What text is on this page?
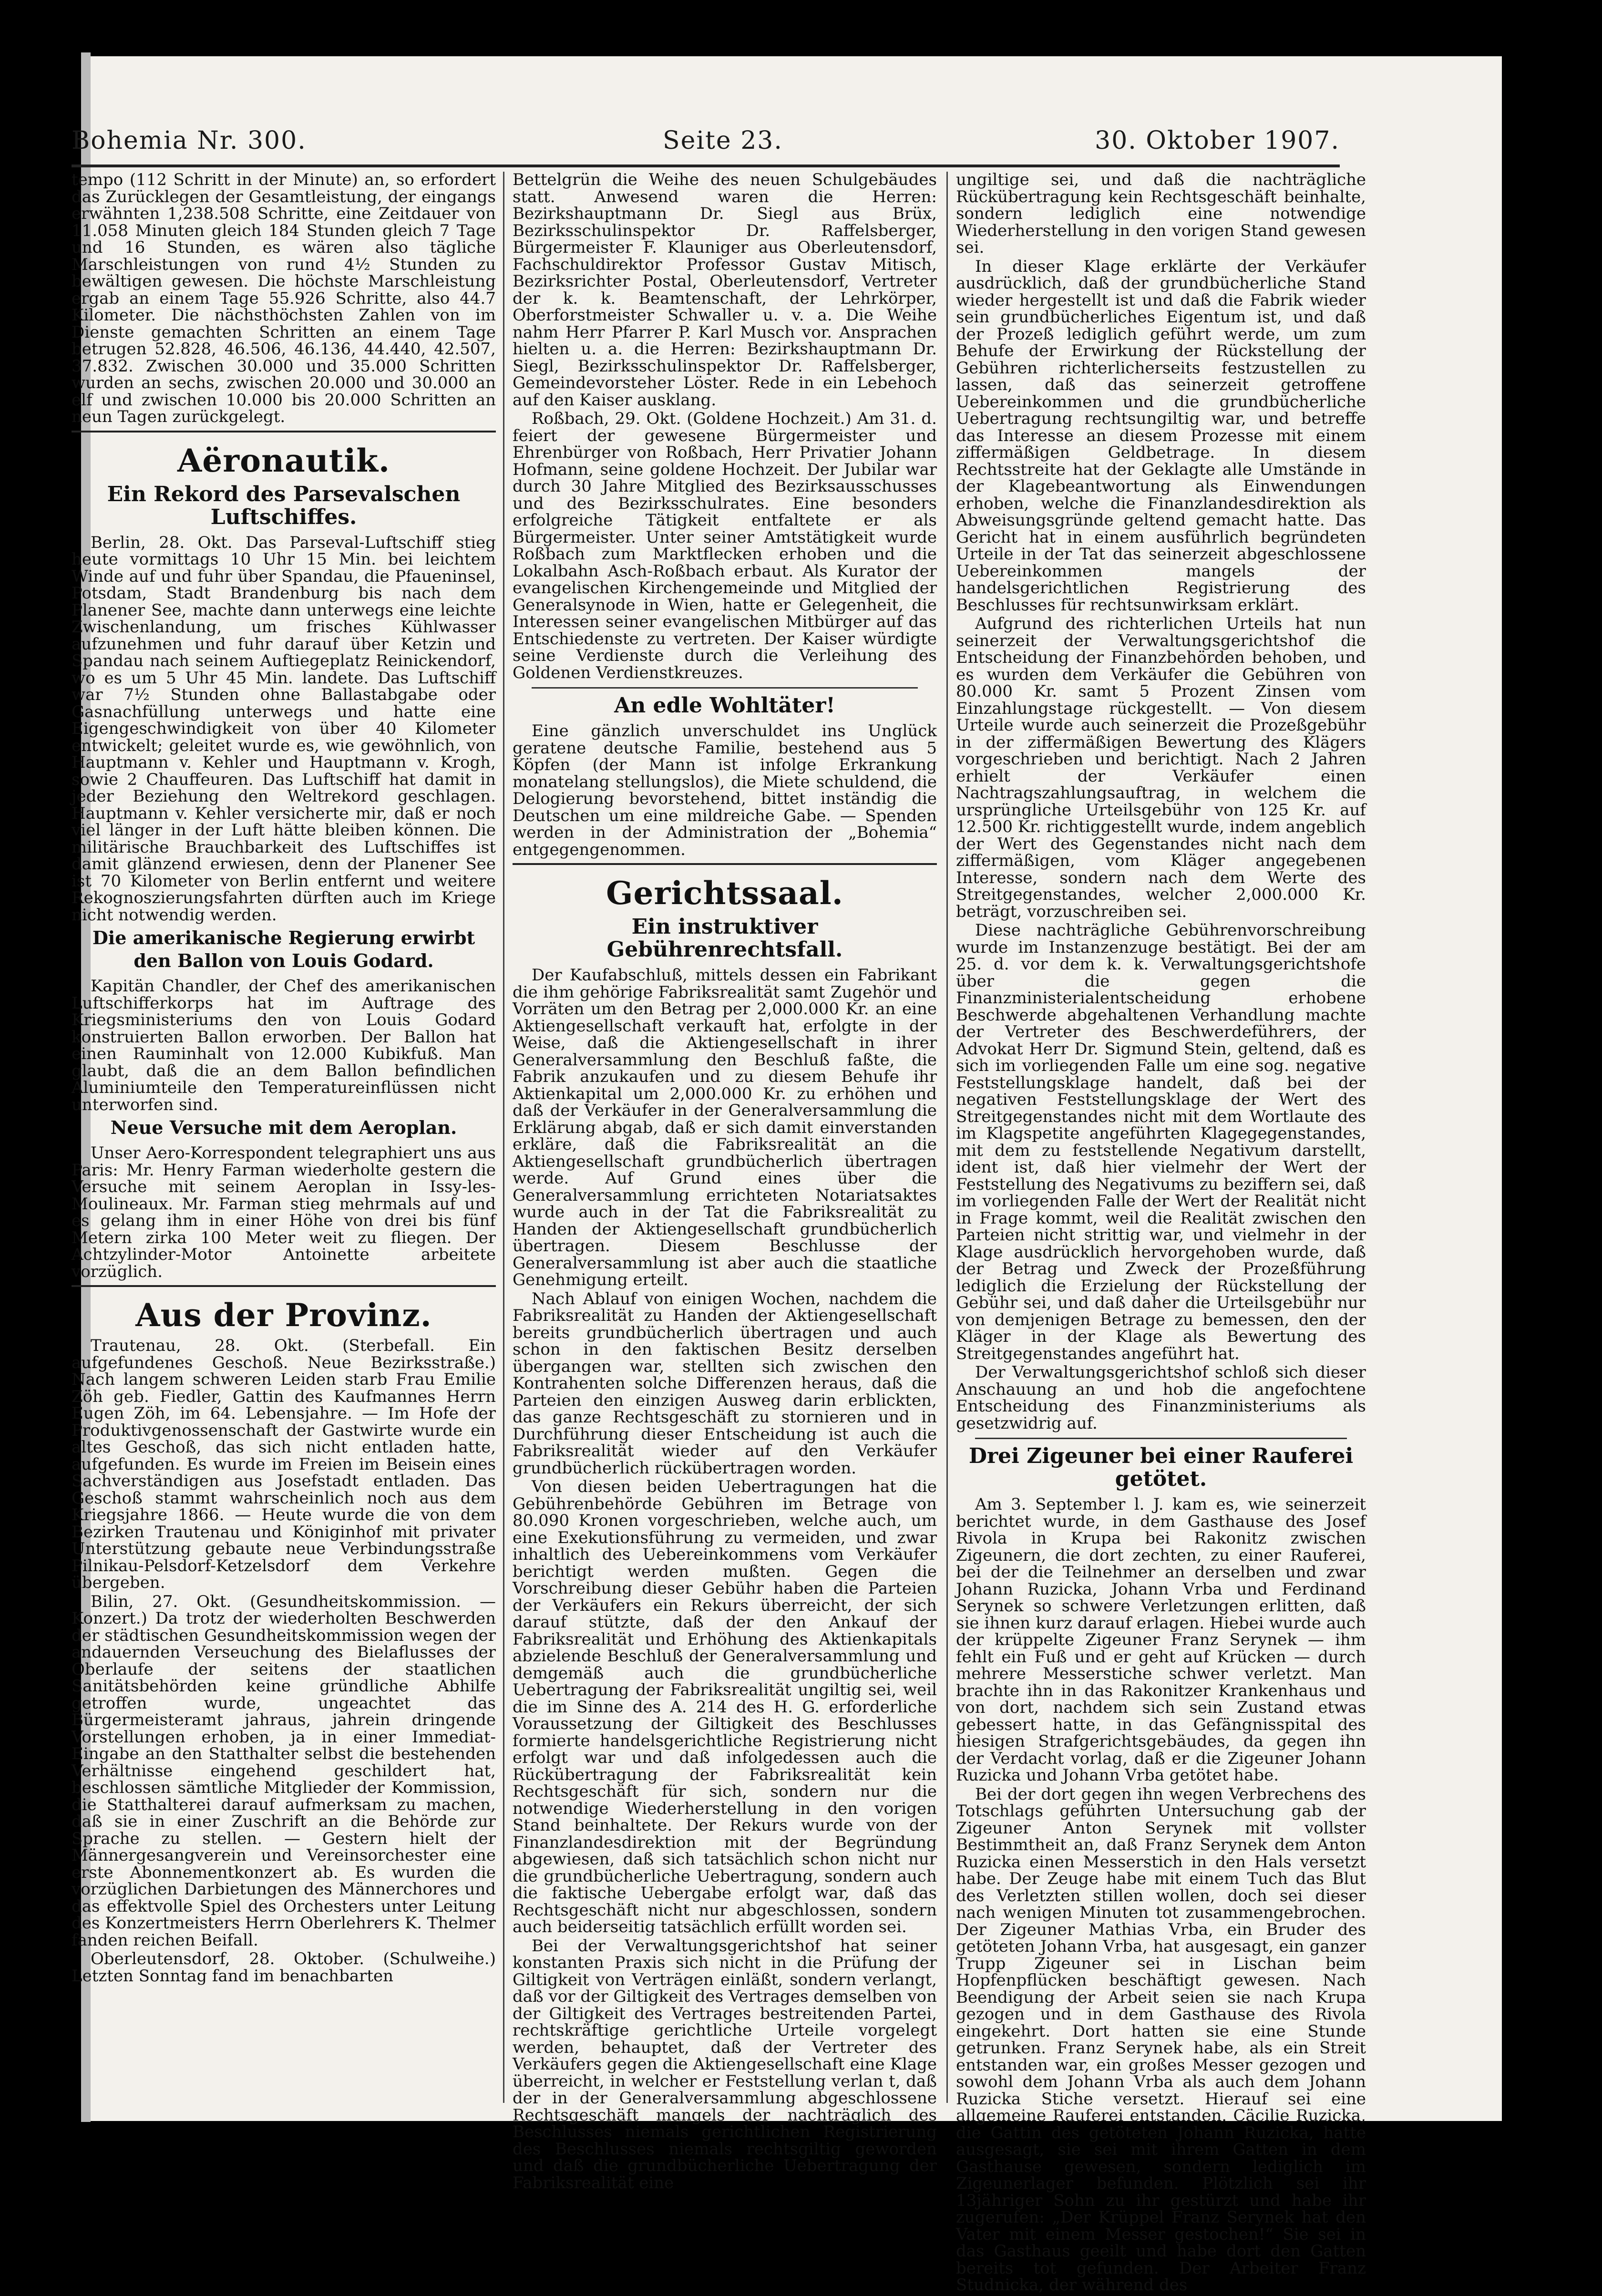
Bohemia Nr. 300.	Seite 23.	30. Oktober 1907.

tempo (112 Schritt in der Minute) an, so erfordert das Zurücklegen der Gesamtleistung, der eingangs erwähnten 1,238.508 Schritte, eine Zeitdauer von 11.058 Minuten gleich 184 Stunden gleich 7 Tage und 16 Stunden, es wären also tägliche Marschleistungen von rund 4½ Stunden zu bewältigen gewesen. Die höchste Marschleistung ergab an einem Tage 55.926 Schritte, also 44.7 Kilometer. Die nächsthöchsten Zahlen von im Dienste gemachten Schritten an einem Tage betrugen 52.828, 46.506, 46.136, 44.440, 42.507, 37.832. Zwischen 30.000 und 35.000 Schritten wurden an sechs, zwischen 20.000 und 30.000 an elf und zwischen 10.000 bis 20.000 Schritten an neun Tagen zurückgelegt.

Aëronautik.
Ein Rekord des Parsevalschen Luftschiffes.

Berlin, 28. Okt. Das Parseval-Luftschiff stieg heute vormittags 10 Uhr 15 Min. bei leichtem Winde auf und fuhr über Spandau, die Pfaueninsel, Potsdam, Stadt Brandenburg bis nach dem Planener See, machte dann unterwegs eine leichte Zwischenlandung, um frisches Kühlwasser aufzunehmen und fuhr darauf über Ketzin und Spandau nach seinem Auftiegeplatz Reinickendorf, wo es um 5 Uhr 45 Min. landete. Das Luftschiff war 7½ Stunden ohne Ballastabgabe oder Gasnachfüllung unterwegs und hatte eine Eigengeschwindigkeit von über 40 Kilometer entwickelt; geleitet wurde es, wie gewöhnlich, von Hauptmann v. Kehler und Hauptmann v. Krogh, sowie 2 Chauffeuren. Das Luftschiff hat damit in jeder Beziehung den Weltrekord geschlagen. Hauptmann v. Kehler versicherte mir, daß er noch viel länger in der Luft hätte bleiben können. Die militärische Brauchbarkeit des Luftschiffes ist damit glänzend erwiesen, denn der Planener See ist 70 Kilometer von Berlin entfernt und weitere Rekognoszierungsfahrten dürften auch im Kriege nicht notwendig werden.

Die amerikanische Regierung erwirbt den Ballon von Louis Godard.

Kapitän Chandler, der Chef des amerikanischen Luftschifferkorps hat im Auftrage des Kriegsministeriums den von Louis Godard konstruierten Ballon erworben. Der Ballon hat einen Rauminhalt von 12.000 Kubikfuß. Man glaubt, daß die an dem Ballon befindlichen Aluminiumteile den Temperatureinflüssen nicht unterworfen sind.

Neue Versuche mit dem Aeroplan.

Unser Aero-Korrespondent telegraphiert uns aus Paris: Mr. Henry Farman wiederholte gestern die Versuche mit seinem Aeroplan in Issy-les-Moulineaux. Mr. Farman stieg mehrmals auf und es gelang ihm in einer Höhe von drei bis fünf Metern zirka 100 Meter weit zu fliegen. Der Achtzylinder-Motor Antoinette arbeitete vorzüglich.

Aus der Provinz.

Trautenau, 28. Okt. (Sterbefall. Ein aufgefundenes Geschoß. Neue Bezirksstraße.) Nach langem schweren Leiden starb Frau Emilie Zöh geb. Fiedler, Gattin des Kaufmannes Herrn Eugen Zöh, im 64. Lebensjahre. — Im Hofe der Produktivgenossenschaft der Gastwirte wurde ein altes Geschoß, das sich nicht entladen hatte, aufgefunden. Es wurde im Freien im Beisein eines Sachverständigen aus Josefstadt entladen. Das Geschoß stammt wahrscheinlich noch aus dem Kriegsjahre 1866. — Heute wurde die von dem Bezirken Trautenau und Königinhof mit privater Unterstützung gebaute neue Verbindungsstraße Pilnikau-Pelsdorf-Ketzelsdorf dem Verkehre übergeben.

Bilin, 27. Okt. (Gesundheitskommission. — Konzert.) Da trotz der wiederholten Beschwerden der städtischen Gesundheitskommission wegen der andauernden Verseuchung des Bielaflusses der Oberlaufe der seitens der staatlichen Sanitätsbehörden keine gründliche Abhilfe getroffen wurde, ungeachtet das Bürgermeisteramt jahraus, jahrein dringende Vorstellungen erhoben, ja in einer Immediat-Eingabe an den Statthalter selbst die bestehenden Verhältnisse eingehend geschildert hat, beschlossen sämtliche Mitglieder der Kommission, die Statthalterei darauf aufmerksam zu machen, daß sie in einer Zuschrift an die Behörde zur Sprache zu stellen. — Gestern hielt der Männergesangverein und Vereinsorchester eine erste Abonnementkonzert ab. Es wurden die vorzüglichen Darbietungen des Männerchores und das effektvolle Spiel des Orchesters unter Leitung des Konzertmeisters Herrn Oberlehrers K. Thelmer fanden reichen Beifall.

Oberleutensdorf, 28. Oktober. (Schulweihe.) Letzten Sonntag fand im benachbarten

Bettelgrün die Weihe des neuen Schulgebäudes statt. Anwesend waren die Herren: Bezirkshauptmann Dr. Siegl aus Brüx, Bezirksschulinspektor Dr. Raffelsberger, Bürgermeister F. Klauniger aus Oberleutensdorf, Fachschuldirektor Professor Gustav Mitisch, Bezirksrichter Postal, Oberleutensdorf, Vertreter der k. k. Beamtenschaft, der Lehrkörper, Oberforstmeister Schwaller u. v. a. Die Weihe nahm Herr Pfarrer P. Karl Musch vor. Ansprachen hielten u. a. die Herren: Bezirkshauptmann Dr. Siegl, Bezirksschulinspektor Dr. Raffelsberger, Gemeindevorsteher Löster. Rede in ein Lebehoch auf den Kaiser ausklang.

Roßbach, 29. Okt. (Goldene Hochzeit.) Am 31. d. feiert der gewesene Bürgermeister und Ehrenbürger von Roßbach, Herr Privatier Johann Hofmann, seine goldene Hochzeit. Der Jubilar war durch 30 Jahre Mitglied des Bezirksausschusses und des Bezirksschulrates. Eine besonders erfolgreiche Tätigkeit entfaltete er als Bürgermeister. Unter seiner Amtstätigkeit wurde Roßbach zum Marktflecken erhoben und die Lokalbahn Asch-Roßbach erbaut. Als Kurator der evangelischen Kirchengemeinde und Mitglied der Generalsynode in Wien, hatte er Gelegenheit, die Interessen seiner evangelischen Mitbürger auf das Entschiedenste zu vertreten. Der Kaiser würdigte seine Verdienste durch die Verleihung des Goldenen Verdienstkreuzes.

An edle Wohltäter!

Eine gänzlich unverschuldet ins Unglück geratene deutsche Familie, bestehend aus 5 Köpfen (der Mann ist infolge Erkrankung monatelang stellungslos), die Miete schuldend, die Delogierung bevorstehend, bittet inständig die Deutschen um eine mildreiche Gabe. — Spenden werden in der Administration der „Bohemia“ entgegengenommen.

Gerichtssaal.
Ein instruktiver Gebührenrechtsfall.

Der Kaufabschluß, mittels dessen ein Fabrikant die ihm gehörige Fabriksrealität samt Zugehör und Vorräten um den Betrag per 2,000.000 Kr. an eine Aktiengesellschaft verkauft hat, erfolgte in der Weise, daß die Aktiengesellschaft in ihrer Generalversammlung den Beschluß faßte, die Fabrik anzukaufen und zu diesem Behufe ihr Aktienkapital um 2,000.000 Kr. zu erhöhen und daß der Verkäufer in der Generalversammlung die Erklärung abgab, daß er sich damit einverstanden erkläre, daß die Fabriksrealität an die Aktiengesellschaft grundbücherlich übertragen werde. Auf Grund eines über die Generalversammlung errichteten Notariatsaktes wurde auch in der Tat die Fabriksrealität zu Handen der Aktiengesellschaft grundbücherlich übertragen. Diesem Beschlusse der Generalversammlung ist aber auch die staatliche Genehmigung erteilt.

Nach Ablauf von einigen Wochen, nachdem die Fabriksrealität zu Handen der Aktiengesellschaft bereits grundbücherlich übertragen und auch schon in den faktischen Besitz derselben übergangen war, stellten sich zwischen den Kontrahenten solche Differenzen heraus, daß die Parteien den einzigen Ausweg darin erblickten, das ganze Rechtsgeschäft zu stornieren und in Durchführung dieser Entscheidung ist auch die Fabriksrealität wieder auf den Verkäufer grundbücherlich rückübertragen worden.

Von diesen beiden Uebertragungen hat die Gebührenbehörde Gebühren im Betrage von 80.090 Kronen vorgeschrieben, welche auch, um eine Exekutionsführung zu vermeiden, und zwar inhaltlich des Uebereinkommens vom Verkäufer berichtigt werden mußten. Gegen die Vorschreibung dieser Gebühr haben die Parteien der Verkäufers ein Rekurs überreicht, der sich darauf stützte, daß der den Ankauf der Fabriksrealität und Erhöhung des Aktienkapitals abzielende Beschluß der Generalversammlung und demgemäß auch die grundbücherliche Uebertragung der Fabriksrealität ungiltig sei, weil die im Sinne des A. 214 des H. G. erforderliche Voraussetzung der Giltigkeit des Beschlusses formierte handelsgerichtliche Registrierung nicht erfolgt war und daß infolgedessen auch die Rückübertragung der Fabriksrealität kein Rechtsgeschäft für sich, sondern nur die notwendige Wiederherstellung in den vorigen Stand beinhaltete. Der Rekurs wurde von der Finanzlandesdirektion mit der Begründung abgewiesen, daß sich tatsächlich schon nicht nur die grundbücherliche Uebertragung, sondern auch die faktische Uebergabe erfolgt war, daß das Rechtsgeschäft nicht nur abgeschlossen, sondern auch beiderseitig tatsächlich erfüllt worden sei.

Bei der Verwaltungsgerichtshof hat seiner konstanten Praxis sich nicht in die Prüfung der Giltigkeit von Verträgen einläßt, sondern verlangt, daß vor der Giltigkeit des Vertrages demselben von der Giltigkeit des Vertrages bestreitenden Partei, rechtskräftige gerichtliche Urteile vorgelegt werden, behauptet, daß der Vertreter des Verkäufers gegen die Aktiengesellschaft eine Klage überreicht, in welcher er Feststellung verlan t, daß der in der Generalversammlung abgeschlossene Rechtsgeschäft mangels der nachträglich des Beschlusses niemals gerichtlichen Registrierung des Beschlusses niemals rechtsgiltig geworden und daß die grundbücherliche Uebertragung der Fabriksrealität eine

ungiltige sei, und daß die nachträgliche Rückübertragung kein Rechtsgeschäft beinhalte, sondern lediglich eine notwendige Wiederherstellung in den vorigen Stand gewesen sei.

In dieser Klage erklärte der Verkäufer ausdrücklich, daß der grundbücherliche Stand wieder hergestellt ist und daß die Fabrik wieder sein grundbücherliches Eigentum ist, und daß der Prozeß lediglich geführt werde, um zum Behufe der Erwirkung der Rückstellung der Gebühren richterlicherseits festzustellen zu lassen, daß das seinerzeit getroffene Uebereinkommen und die grundbücherliche Uebertragung rechtsungiltig war, und betreffe das Interesse an diesem Prozesse mit einem ziffermäßigen Geldbetrage. In diesem Rechtsstreite hat der Geklagte alle Umstände in der Klagebeantwortung als Einwendungen erhoben, welche die Finanzlandesdirektion als Abweisungsgründe geltend gemacht hatte. Das Gericht hat in einem ausführlich begründeten Urteile in der Tat das seinerzeit abgeschlossene Uebereinkommen mangels der handelsgerichtlichen Registrierung des Beschlusses für rechtsunwirksam erklärt.

Aufgrund des richterlichen Urteils hat nun seinerzeit der Verwaltungsgerichtshof die Entscheidung der Finanzbehörden behoben, und es wurden dem Verkäufer die Gebühren von 80.000 Kr. samt 5 Prozent Zinsen vom Einzahlungstage rückgestellt. — Von diesem Urteile wurde auch seinerzeit die Prozeßgebühr in der ziffermäßigen Bewertung des Klägers vorgeschrieben und berichtigt. Nach 2 Jahren erhielt der Verkäufer einen Nachtragszahlungsauftrag, in welchem die ursprüngliche Urteilsgebühr von 125 Kr. auf 12.500 Kr. richtiggestellt wurde, indem angeblich der Wert des Gegenstandes nicht nach dem ziffermäßigen, vom Kläger angegebenen Interesse, sondern nach dem Werte des Streitgegenstandes, welcher 2,000.000 Kr. beträgt, vorzuschreiben sei.

Diese nachträgliche Gebührenvorschreibung wurde im Instanzenzuge bestätigt. Bei der am 25. d. vor dem k. k. Verwaltungsgerichtshofe über die gegen die Finanzministerialentscheidung erhobene Beschwerde abgehaltenen Verhandlung machte der Vertreter des Beschwerdeführers, der Advokat Herr Dr. Sigmund Stein, geltend, daß es sich im vorliegenden Falle um eine sog. negative Feststellungsklage handelt, daß bei der negativen Feststellungsklage der Wert des Streitgegenstandes nicht mit dem Wortlaute des im Klagspetite angeführten Klagegegenstandes, mit dem zu feststellende Negativum darstellt, ident ist, daß hier vielmehr der Wert der Feststellung des Negativums zu beziffern sei, daß im vorliegenden Falle der Wert der Realität nicht in Frage kommt, weil die Realität zwischen den Parteien nicht strittig war, und vielmehr in der Klage ausdrücklich hervorgehoben wurde, daß der Betrag und Zweck der Prozeßführung lediglich die Erzielung der Rückstellung der Gebühr sei, und daß daher die Urteilsgebühr nur von demjenigen Betrage zu bemessen, den der Kläger in der Klage als Bewertung des Streitgegenstandes angeführt hat.

Der Verwaltungsgerichtshof schloß sich dieser Anschauung an und hob die angefochtene Entscheidung des Finanzministeriums als gesetzwidrig auf.

Drei Zigeuner bei einer Rauferei getötet.

Am 3. September l. J. kam es, wie seinerzeit berichtet wurde, in dem Gasthause des Josef Rivola in Krupa bei Rakonitz zwischen Zigeunern, die dort zechten, zu einer Rauferei, bei der die Teilnehmer an derselben und zwar Johann Ruzicka, Johann Vrba und Ferdinand Serynek so schwere Verletzungen erlitten, daß sie ihnen kurz darauf erlagen. Hiebei wurde auch der krüppelte Zigeuner Franz Serynek — ihm fehlt ein Fuß und er geht auf Krücken — durch mehrere Messerstiche schwer verletzt. Man brachte ihn in das Rakonitzer Krankenhaus und von dort, nachdem sich sein Zustand etwas gebessert hatte, in das Gefängnisspital des hiesigen Strafgerichtsgebäudes, da gegen ihn der Verdacht vorlag, daß er die Zigeuner Johann Ruzicka und Johann Vrba getötet habe.

Bei der dort gegen ihn wegen Verbrechens des Totschlags geführten Untersuchung gab der Zigeuner Anton Serynek mit vollster Bestimmtheit an, daß Franz Serynek dem Anton Ruzicka einen Messerstich in den Hals versetzt habe. Der Zeuge habe mit einem Tuch das Blut des Verletzten stillen wollen, doch sei dieser nach wenigen Minuten tot zusammengebrochen. Der Zigeuner Mathias Vrba, ein Bruder des getöteten Johann Vrba, hat ausgesagt, ein ganzer Trupp Zigeuner sei in Lischan beim Hopfenpflücken beschäftigt gewesen. Nach Beendigung der Arbeit seien sie nach Krupa gezogen und in dem Gasthause des Rivola eingekehrt. Dort hatten sie eine Stunde getrunken. Franz Serynek habe, als ein Streit entstanden war, ein großes Messer gezogen und sowohl dem Johann Vrba als auch dem Johann Ruzicka Stiche versetzt. Hierauf sei eine allgemeine Rauferei entstanden. Cäcilie Ruzicka, die Gattin des getöteten Johann Ruzicka, hatte ausgesagt, sie sei mit ihrem Gatten in dem Gasthause gewesen, sondern lediglich im Zigeunerlager befunden. Plötzlich sei ihr 13jähriger Sohn zu ihr gestürzt und habe ihr zugerufen: „Der Krüppel Franz Serynek hat den Vater mit einem Messer gestochen!“ Sie sei in das Gasthaus geeilt und habe dort den Gatten bereits tot gefunden. Der Arbeiter Franz Studnicka, der während des
